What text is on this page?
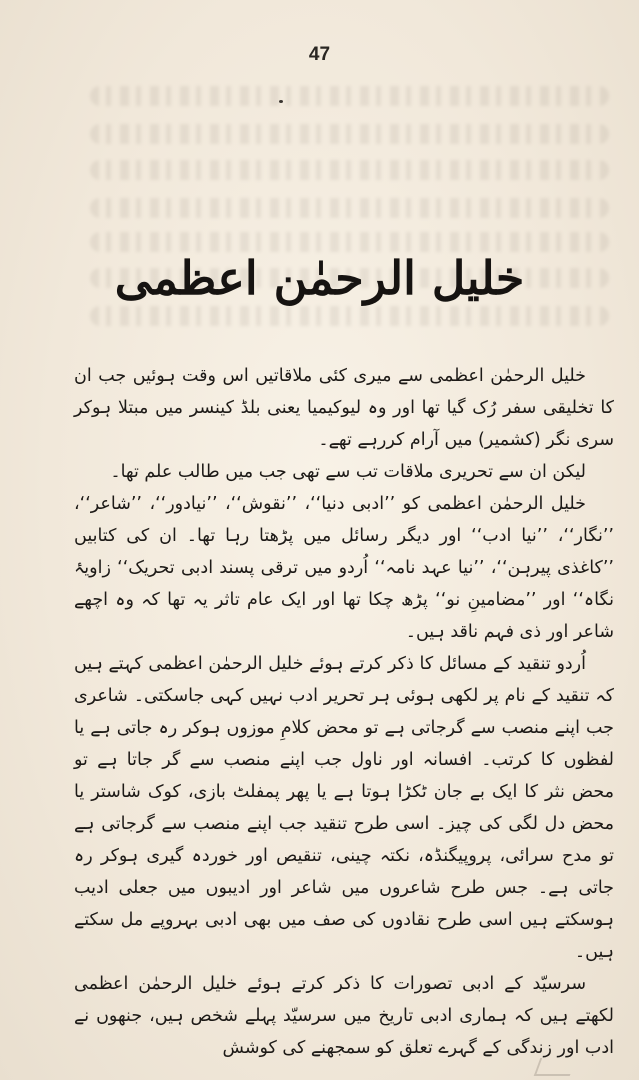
47
خلیل الرحمٰن اعظمی

خلیل الرحمٰن اعظمی سے میری کئی ملاقاتیں اس وقت ہوئیں جب ان کا تخلیقی سفر رُک گیا تھا اور وہ لیوکیمیا یعنی بلڈ کینسر میں مبتلا ہوکر سری نگر (کشمیر) میں آرام کررہے تھے۔

لیکن ان سے تحریری ملاقات تب سے تھی جب میں طالب علم تھا۔

خلیل الرحمٰن اعظمی کو ’’ادبی دنیا‘‘، ’’نقوش‘‘، ’’نیادور‘‘، ’’شاعر‘‘، ’’نگار‘‘، ’’نیا ادب‘‘ اور دیگر رسائل میں پڑھتا رہا تھا۔ ان کی کتابیں ’’کاغذی پیرہن‘‘، ’’نیا عہد نامہ‘‘ اُردو میں ترقی پسند ادبی تحریک‘‘ زاویۂ نگاہ‘‘ اور ’’مضامینِ نو‘‘ پڑھ چکا تھا اور ایک عام تاثر یہ تھا کہ وہ اچھے شاعر اور ذی فہم ناقد ہیں۔

اُردو تنقید کے مسائل کا ذکر کرتے ہوئے خلیل الرحمٰن اعظمی کہتے ہیں کہ تنقید کے نام پر لکھی ہوئی ہر تحریر ادب نہیں کہی جاسکتی۔ شاعری جب اپنے منصب سے گرجاتی ہے تو محض کلامِ موزوں ہوکر رہ جاتی ہے یا لفظوں کا کرتب۔ افسانہ اور ناول جب اپنے منصب سے گر جاتا ہے تو محض نثر کا ایک بے جان ٹکڑا ہوتا ہے یا پھر پمفلٹ بازی، کوک شاستر یا محض دل لگی کی چیز۔ اسی طرح تنقید جب اپنے منصب سے گرجاتی ہے تو مدح سرائی، پروپیگنڈہ، نکتہ چینی، تنقیص اور خوردہ گیری ہوکر رہ جاتی ہے۔ جس طرح شاعروں میں شاعر اور ادیبوں میں جعلی ادیب ہوسکتے ہیں اسی طرح نقادوں کی صف میں بھی ادبی بہروپے مل سکتے ہیں۔

سرسیّد کے ادبی تصورات کا ذکر کرتے ہوئے خلیل الرحمٰن اعظمی لکھتے ہیں کہ ہماری ادبی تاریخ میں سرسیّد پہلے شخص ہیں، جنھوں نے ادب اور زندگی کے گہرے تعلق کو سمجھنے کی کوشش
